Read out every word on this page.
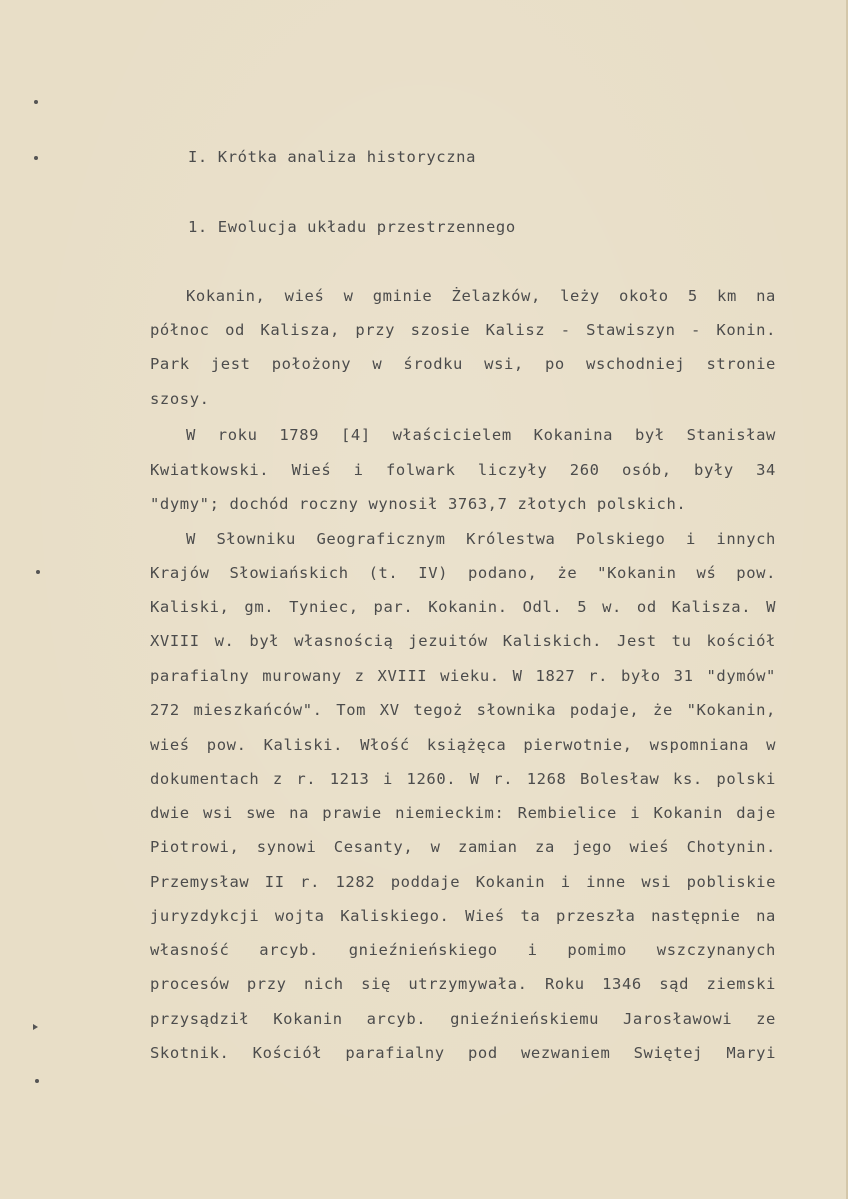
I. Krótka analiza historyczna
1. Ewolucja układu przestrzennego
Kokanin, wieś w gminie Żelazków, leży około 5 km na
północ od Kalisza, przy szosie Kalisz - Stawiszyn - Konin.
Park jest położony w środku wsi, po wschodniej stronie
szosy.
W roku 1789 [4] właścicielem Kokanina był Stanisław
Kwiatkowski. Wieś i folwark liczyły 260 osób, były 34
"dymy"; dochód roczny wynosił 3763,7 złotych polskich.
W Słowniku Geograficznym Królestwa Polskiego i innych
Krajów Słowiańskich (t. IV) podano, że "Kokanin wś pow.
Kaliski, gm. Tyniec, par. Kokanin. Odl. 5 w. od Kalisza. W
XVIII w. był własnością jezuitów Kaliskich. Jest tu kościół
parafialny murowany z XVIII wieku. W 1827 r. było 31 "dymów"
272 mieszkańców". Tom XV tegoż słownika podaje, że "Kokanin,
wieś pow. Kaliski. Włość książęca pierwotnie, wspomniana w
dokumentach z r. 1213 i 1260. W r. 1268 Bolesław ks. polski
dwie wsi swe na prawie niemieckim: Rembielice i Kokanin daje
Piotrowi, synowi Cesanty, w zamian za jego wieś Chotynin.
Przemysław II r. 1282 poddaje Kokanin i inne wsi pobliskie
juryzdykcji wojta Kaliskiego. Wieś ta przeszła następnie na
własność arcyb. gnieźnieńskiego i pomimo wszczynanych
procesów przy nich się utrzymywała. Roku 1346 sąd ziemski
przysądził Kokanin arcyb. gnieźnieńskiemu Jarosławowi ze
Skotnik. Kościół parafialny pod wezwaniem Swiętej Maryi
